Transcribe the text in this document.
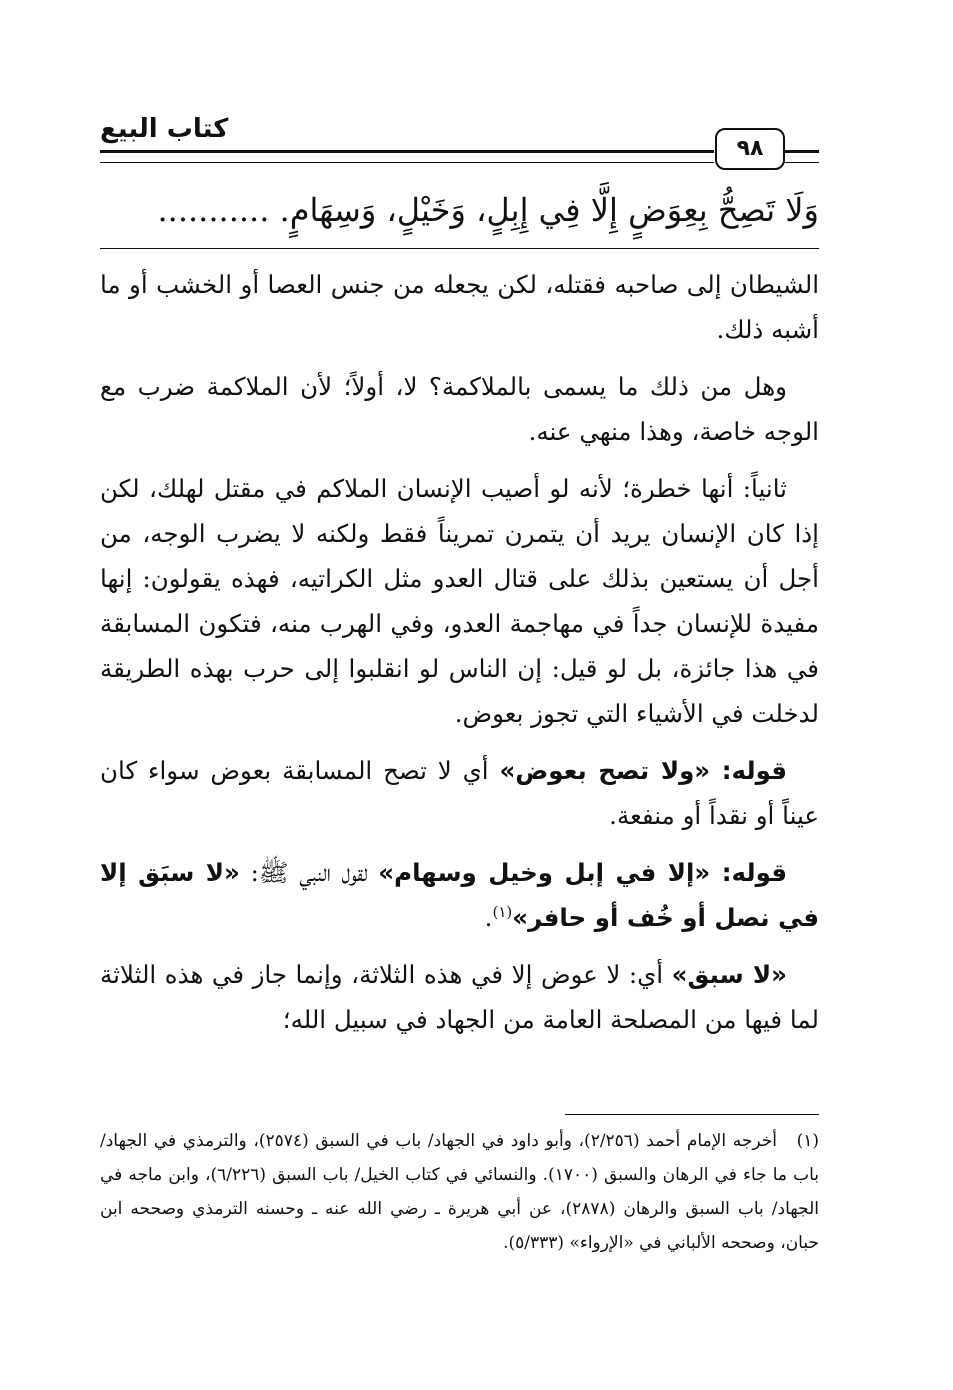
كتاب البيع
٩٨
وَلَا تَصِحُّ بِعِوَضٍ إِلَّا فِي إِبِلٍ، وَخَيْلٍ، وَسِهَامٍ. ...........

الشيطان إلى صاحبه فقتله، لكن يجعله من جنس العصا أو الخشب أو ما أشبه ذلك.

وهل من ذلك ما يسمى بالملاكمة؟ لا، أولاً؛ لأن الملاكمة ضرب مع الوجه خاصة، وهذا منهي عنه.

ثانياً: أنها خطرة؛ لأنه لو أصيب الإنسان الملاكم في مقتل لهلك، لكن إذا كان الإنسان يريد أن يتمرن تمريناً فقط ولكنه لا يضرب الوجه، من أجل أن يستعين بذلك على قتال العدو مثل الكراتيه، فهذه يقولون: إنها مفيدة للإنسان جداً في مهاجمة العدو، وفي الهرب منه، فتكون المسابقة في هذا جائزة، بل لو قيل: إن الناس لو انقلبوا إلى حرب بهذه الطريقة لدخلت في الأشياء التي تجوز بعوض.

قوله: «ولا تصح بعوض» أي لا تصح المسابقة بعوض سواء كان عيناً أو نقداً أو منفعة.

قوله: «إلا في إبل وخيل وسهام» لقول النبي ﷺ: «لا سبَق إلا في نصل أو خُف أو حافر»$^{(١)}$.

«لا سبق» أي: لا عوض إلا في هذه الثلاثة، وإنما جاز في هذه الثلاثة لما فيها من المصلحة العامة من الجهاد في سبيل الله؛

(١)أخرجه الإمام أحمد (٢/٢٥٦)، وأبو داود في الجهاد/ باب في السبق (٢٥٧٤)، والترمذي في الجهاد/ باب ما جاء في الرهان والسبق (١٧٠٠). والنسائي في كتاب الخيل/ باب السبق (٦/٢٢٦)، وابن ماجه في الجهاد/ باب السبق والرهان (٢٨٧٨)، عن أبي هريرة ـ رضي الله عنه ـ وحسنه الترمذي وصححه ابن حبان، وصححه الألباني في «الإرواء» (٥/٣٣٣).
